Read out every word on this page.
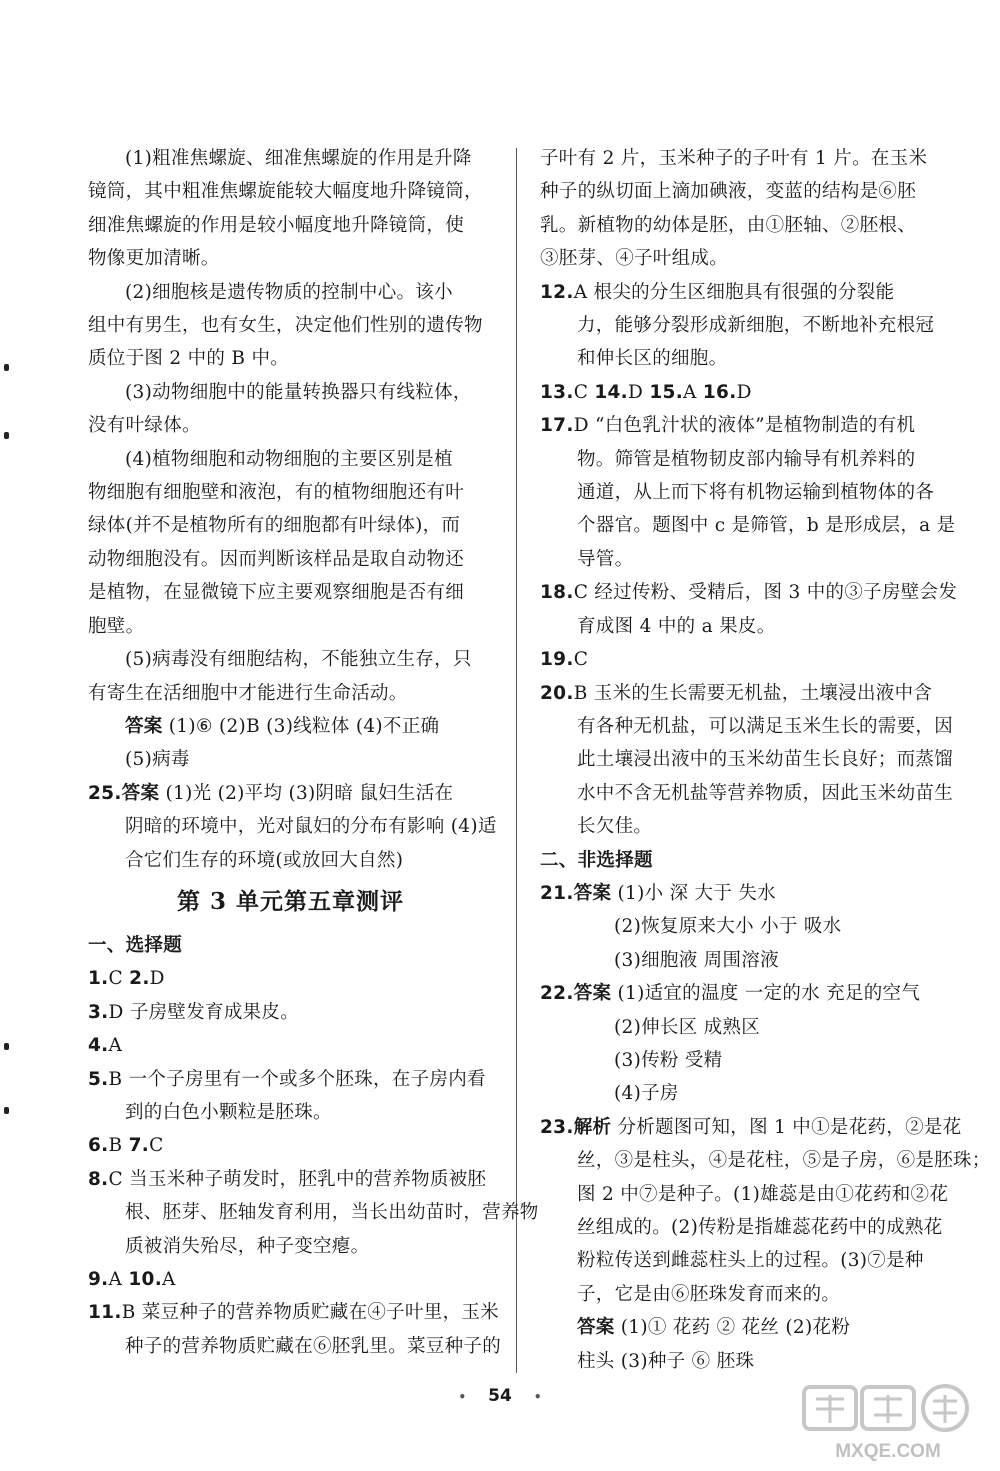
(1)粗准焦螺旋、细准焦螺旋的作用是升降
镜筒，其中粗准焦螺旋能较大幅度地升降镜筒，
细准焦螺旋的作用是较小幅度地升降镜筒，使
物像更加清晰。
(2)细胞核是遗传物质的控制中心。该小
组中有男生，也有女生，决定他们性别的遗传物
质位于图 2 中的 B 中。
(3)动物细胞中的能量转换器只有线粒体，
没有叶绿体。
(4)植物细胞和动物细胞的主要区别是植
物细胞有细胞壁和液泡，有的植物细胞还有叶
绿体(并不是植物所有的细胞都有叶绿体)，而
动物细胞没有。因而判断该样品是取自动物还
是植物，在显微镜下应主要观察细胞是否有细
胞壁。
(5)病毒没有细胞结构，不能独立生存，只
有寄生在活细胞中才能进行生命活动。
答案 (1)⑥ (2)B (3)线粒体 (4)不正确
(5)病毒
25.答案 (1)光 (2)平均 (3)阴暗 鼠妇生活在
阴暗的环境中，光对鼠妇的分布有影响 (4)适
合它们生存的环境(或放回大自然)
第 3 单元第五章测评
一、选择题
1.C 2.D
3.D 子房壁发育成果皮。
4.A
5.B 一个子房里有一个或多个胚珠，在子房内看
到的白色小颗粒是胚珠。
6.B 7.C
8.C 当玉米种子萌发时，胚乳中的营养物质被胚
根、胚芽、胚轴发育利用，当长出幼苗时，营养物
质被消失殆尽，种子变空瘪。
9.A 10.A
11.B 菜豆种子的营养物质贮藏在④子叶里，玉米
种子的营养物质贮藏在⑥胚乳里。菜豆种子的
子叶有 2 片，玉米种子的子叶有 1 片。在玉米
种子的纵切面上滴加碘液，变蓝的结构是⑥胚
乳。新植物的幼体是胚，由①胚轴、②胚根、
③胚芽、④子叶组成。
12.A 根尖的分生区细胞具有很强的分裂能
力，能够分裂形成新细胞，不断地补充根冠
和伸长区的细胞。
13.C 14.D 15.A 16.D
17.D “白色乳汁状的液体”是植物制造的有机
物。筛管是植物韧皮部内输导有机养料的
通道，从上而下将有机物运输到植物体的各
个器官。题图中 c 是筛管，b 是形成层，a 是
导管。
18.C 经过传粉、受精后，图 3 中的③子房壁会发
育成图 4 中的 a 果皮。
19.C
20.B 玉米的生长需要无机盐，土壤浸出液中含
有各种无机盐，可以满足玉米生长的需要，因
此土壤浸出液中的玉米幼苗生长良好；而蒸馏
水中不含无机盐等营养物质，因此玉米幼苗生
长欠佳。
二、非选择题
21.答案 (1)小 深 大于 失水
(2)恢复原来大小 小于 吸水
(3)细胞液 周围溶液
22.答案 (1)适宜的温度 一定的水 充足的空气
(2)伸长区 成熟区
(3)传粉 受精
(4)子房
23.解析 分析题图可知，图 1 中①是花药，②是花
丝，③是柱头，④是花柱，⑤是子房，⑥是胚珠；
图 2 中⑦是种子。(1)雄蕊是由①花药和②花
丝组成的。(2)传粉是指雄蕊花药中的成熟花
粉粒传送到雌蕊柱头上的过程。(3)⑦是种
子，它是由⑥胚珠发育而来的。
答案 (1)① 花药 ② 花丝 (2)花粉
柱头 (3)种子 ⑥ 胚珠
• 54 •
MXQE.COM
